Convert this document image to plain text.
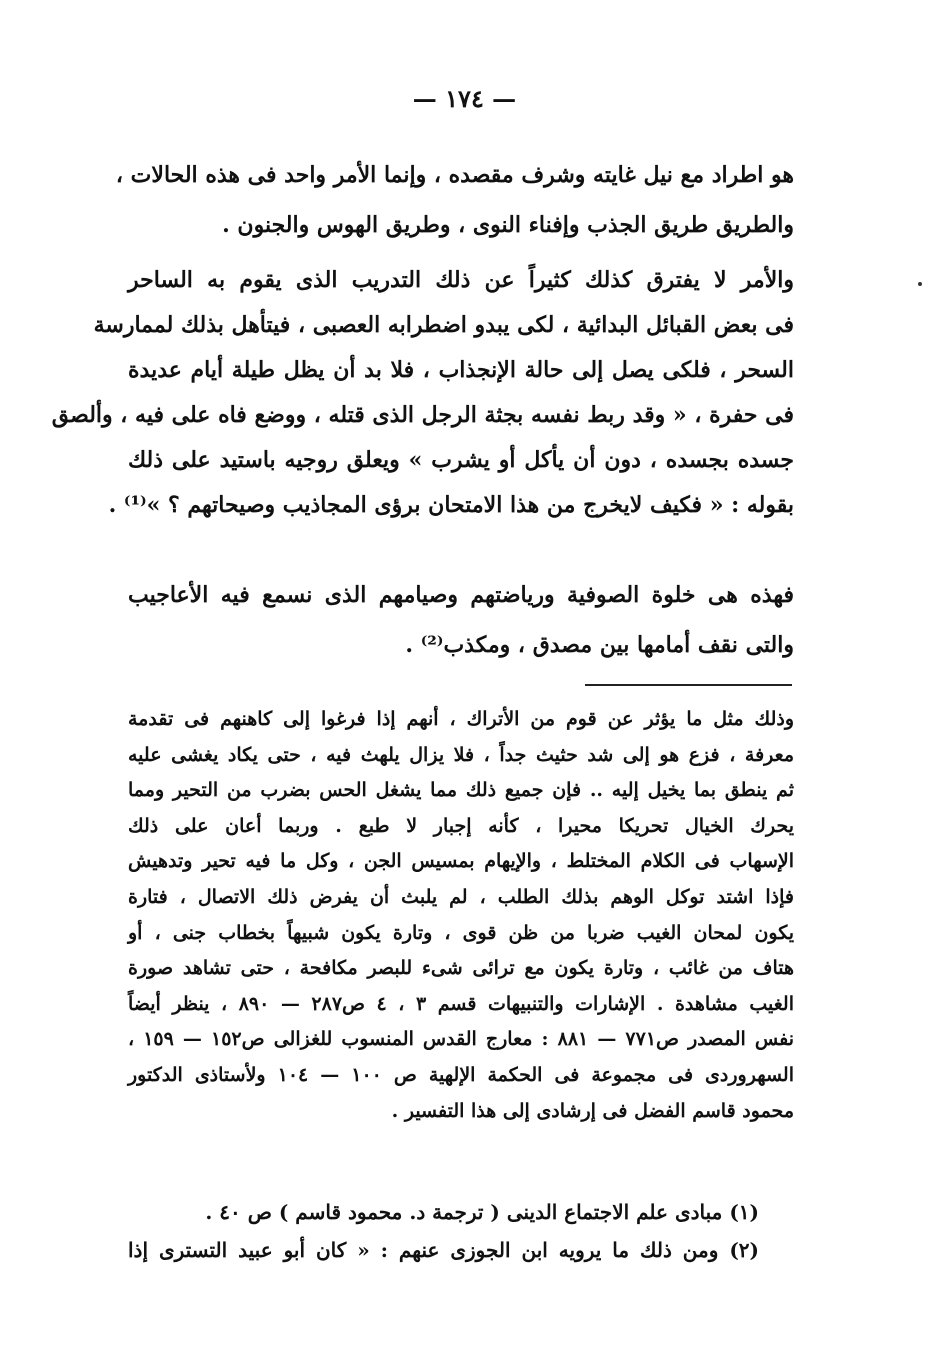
— ١٧٤ —
هو اطراد مع نيل غايته وشرف مقصده ، وإنما الأمر واحد فى هذه الحالات ،
والطريق طريق الجذب وإفناء النوى ، وطريق الهوس والجنون .
والأمر لا يفترق كذلك كثيراً عن ذلك التدريب الذى يقوم به الساحر
فى بعض القبائل البدائية ، لكى يبدو اضطرابه العصبى ، فيتأهل بذلك لممارسة
السحر ، فلكى يصل إلى حالة الإنجذاب ، فلا بد أن يظل طيلة أيام عديدة
فى حفرة ، « وقد ربط نفسه بجثة الرجل الذى قتله ، ووضع فاه على فيه ، وألصق
جسده بجسده ، دون أن يأكل أو يشرب » ويعلق روجيه باستيد على ذلك
بقوله : « فكيف لايخرج من هذا الامتحان برؤى المجاذيب وصيحاتهم ؟ »⁽¹⁾ .
فهذه هى خلوة الصوفية ورياضتهم وصيامهم الذى نسمع فيه الأعاجيب
والتى نقف أمامها بين مصدق ، ومكذب⁽²⁾ .
وذلك مثل ما يؤثر عن قوم من الأتراك ، أنهم إذا فرغوا إلى كاهنهم فى تقدمة
معرفة ، فزع هو إلى شد حثيث جداً ، فلا يزال يلهث فيه ، حتى يكاد يغشى عليه
ثم ينطق بما يخيل إليه .. فإن جميع ذلك مما يشغل الحس بضرب من التحير ومما
يحرك الخيال تحريكا محيرا ، كأنه إجبار لا طبع . وربما أعان على ذلك
الإسهاب فى الكلام المختلط ، والإيهام بمسيس الجن ، وكل ما فيه تحير وتدهيش
فإذا اشتد توكل الوهم بذلك الطلب ، لم يلبث أن يفرض ذلك الاتصال ، فتارة
يكون لمحان الغيب ضربا من ظن قوى ، وتارة يكون شبيهاً بخطاب جنى ، أو
هتاف من غائب ، وتارة يكون مع ترائى شىء للبصر مكافحة ، حتى تشاهد صورة
الغيب مشاهدة . الإشارات والتنبيهات قسم ٣ ، ٤ ص٢٨٧ — ٨٩٠ ، ينظر أيضاً
نفس المصدر ص٧٧١ — ٨٨١ : معارج القدس المنسوب للغزالى ص١٥٢ — ١٥٩ ،
السهروردى فى مجموعة فى الحكمة الإلهية ص ١٠٠ — ١٠٤ ولأستاذى الدكتور
محمود قاسم الفضل فى إرشادى إلى هذا التفسير .
(١) مبادى علم الاجتماع الدينى ( ترجمة د. محمود قاسم ) ص ٤٠ .
(٢) ومن ذلك ما يرويه ابن الجوزى عنهم : « كان أبو عبيد التسترى إذا
